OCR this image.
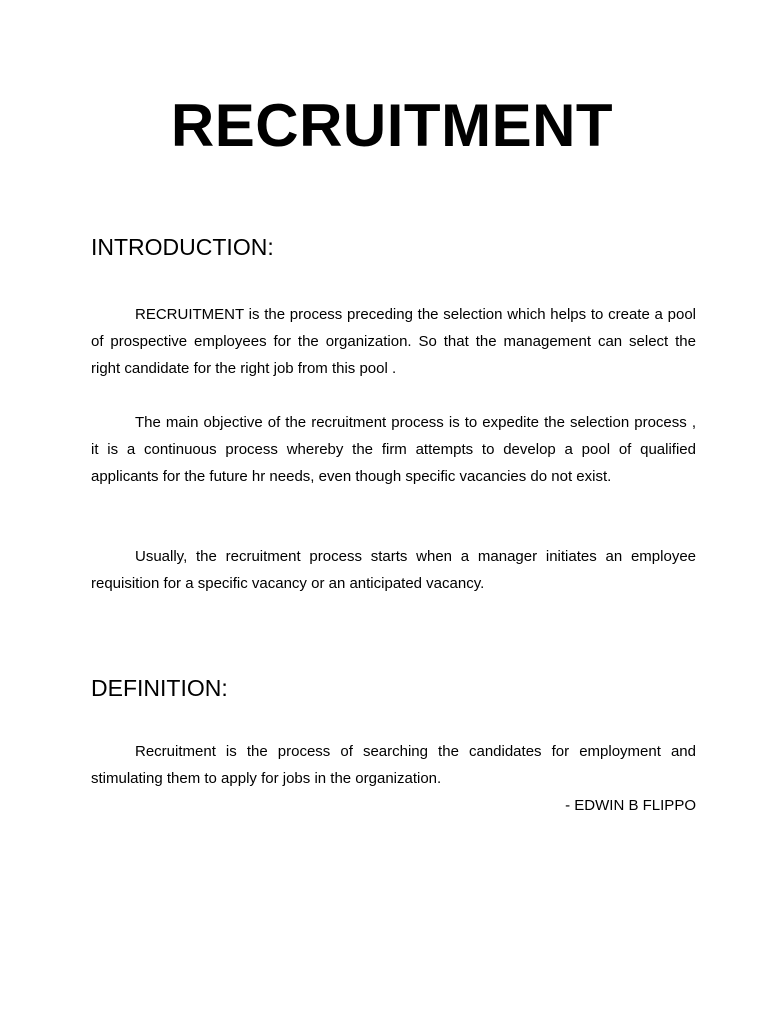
RECRUITMENT
INTRODUCTION:

RECRUITMENT is the process preceding the selection which helps to create a pool of prospective employees for the organization. So that the management can select the right candidate for the right job from this pool .

The main objective of the recruitment process is to expedite the selection process , it is a continuous process whereby the firm attempts to develop a pool of qualified applicants for the future hr needs, even though specific vacancies do not exist.

Usually, the recruitment process starts when a manager initiates an employee requisition for a specific vacancy or an anticipated vacancy.

DEFINITION:

Recruitment is the process of searching the candidates for employment and stimulating them to apply for jobs in the organization.

- EDWIN B FLIPPO
